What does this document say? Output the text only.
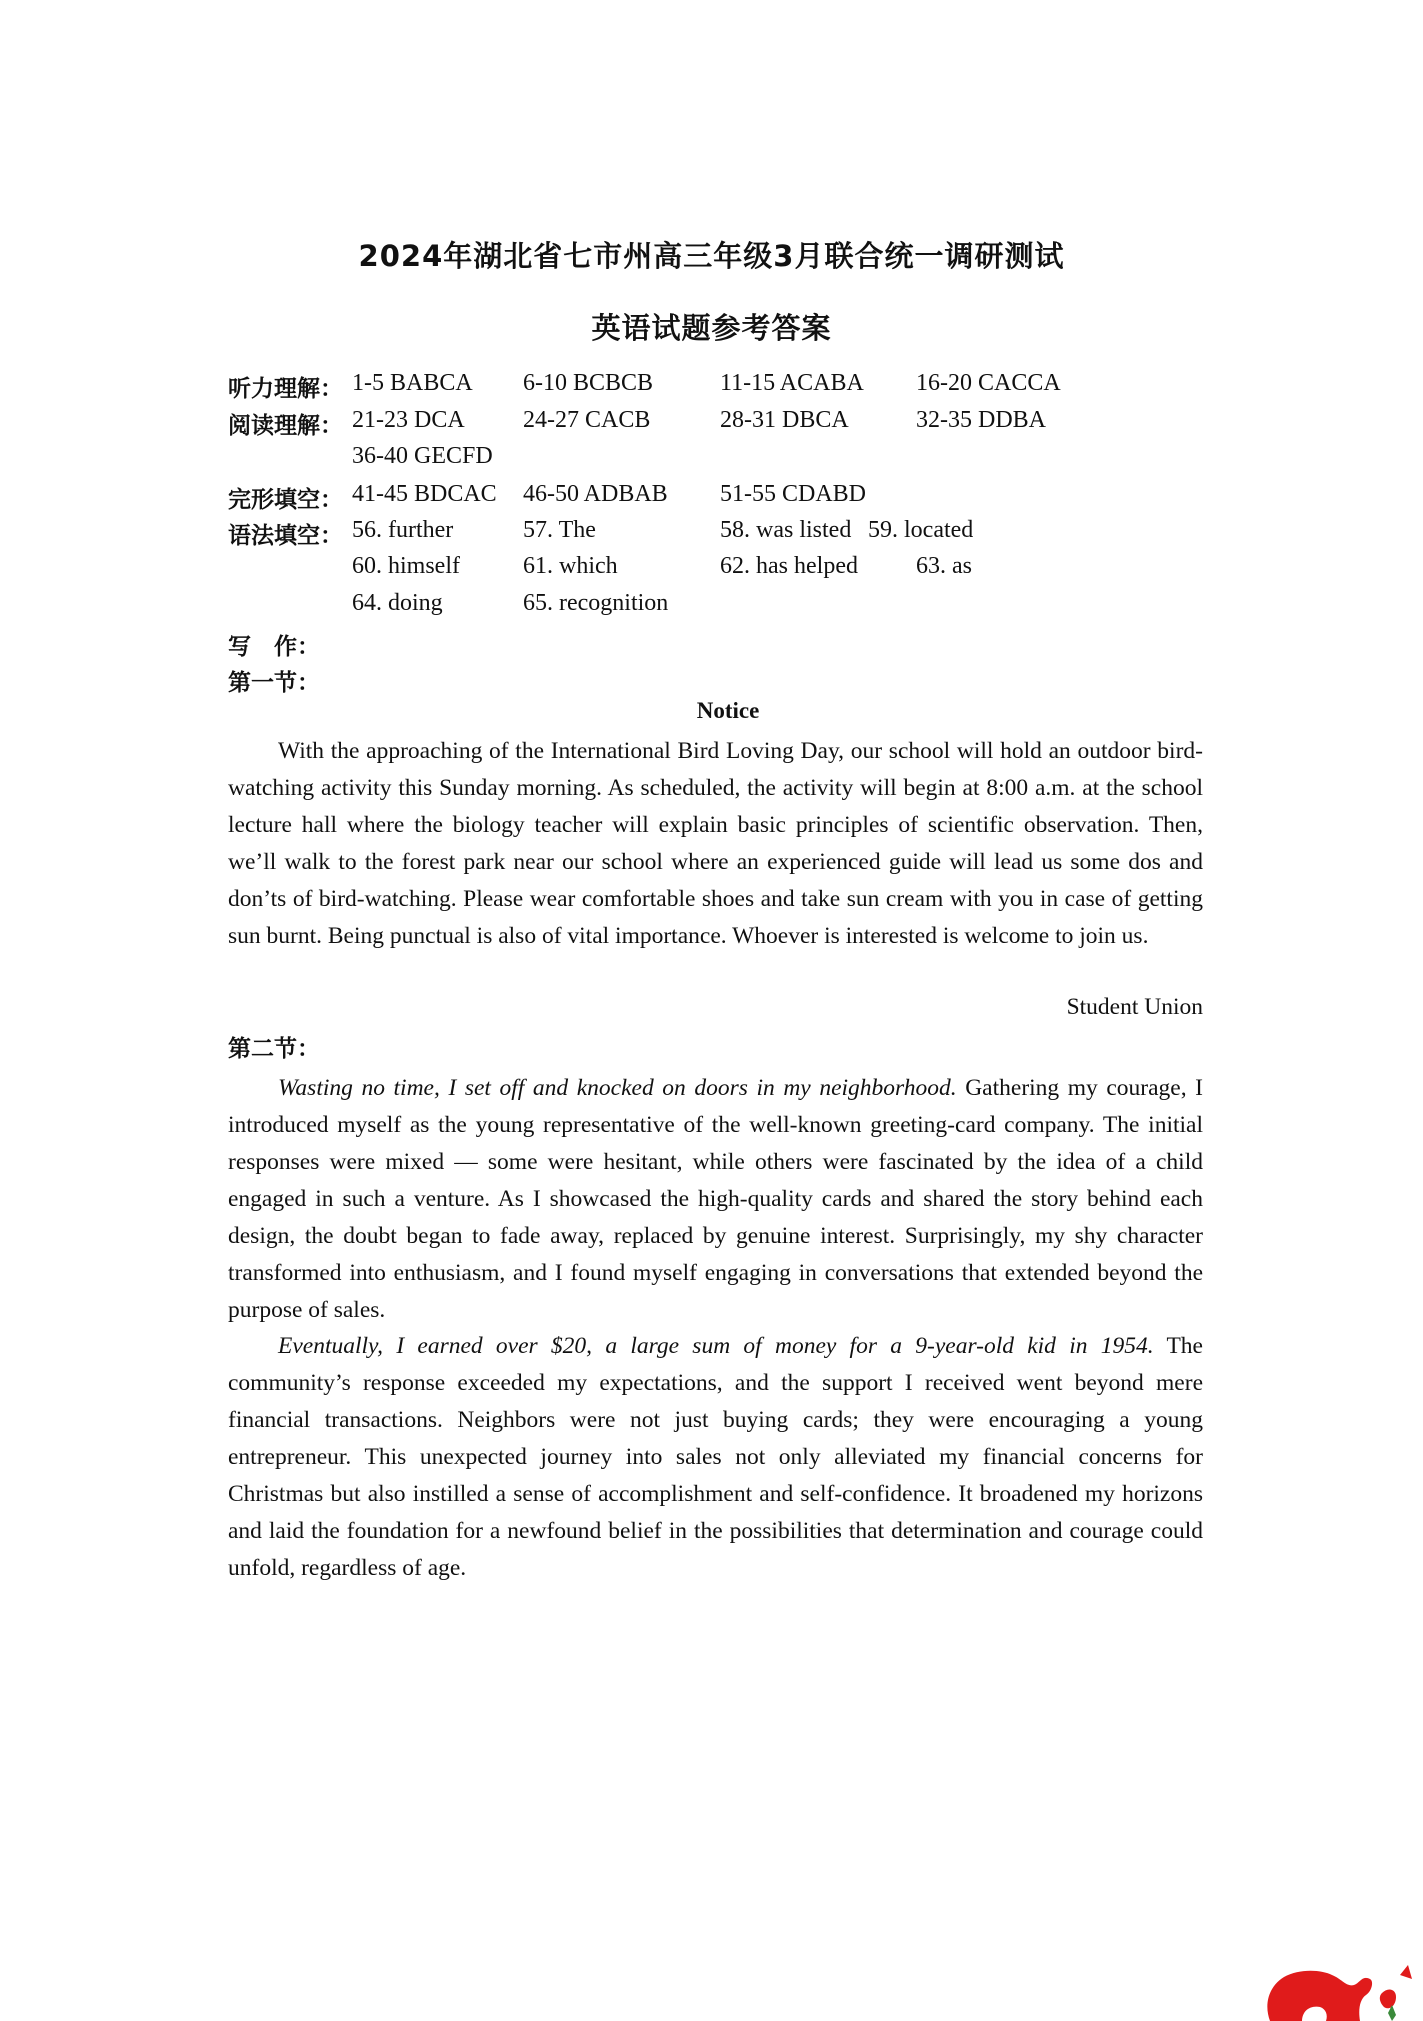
2024年湖北省七市州高三年级3月联合统一调研测试
英语试题参考答案
听力理解： 1-5 BABCA 6-10 BCBCB	11-15 ACABA 16-20 CACCA
阅读理解： 21-23 DCA 24-27 CACB	28-31 DBCA	32-35 DDBA
36-40 GECFD
完形填空： 41-45 BDCAC 46-50 ADBAB 51-55 CDABD
语法填空： 56. further	57. The	58. was listed 59. located
60. himself	61. which	62. has helped 63. as
64. doing	65. recognition
写　作：
第一节：
Notice

With the approaching of the International Bird Loving Day, our school will hold an outdoor bird-watching activity this Sunday morning. As scheduled, the activity will begin at 8:00 a.m. at the school lecture hall where the biology teacher will explain basic principles of scientific observation. Then, we’ll walk to the forest park near our school where an experienced guide will lead us some dos and don’ts of bird-watching. Please wear comfortable shoes and take sun cream with you in case of getting sun burnt. Being punctual is also of vital importance. Whoever is interested is welcome to join us.

Student Union
第二节：

Wasting no time, I set off and knocked on doors in my neighborhood. Gathering my courage, I introduced myself as the young representative of the well-known greeting-card company. The initial responses were mixed — some were hesitant, while others were fascinated by the idea of a child engaged in such a venture. As I showcased the high-quality cards and shared the story behind each design, the doubt began to fade away, replaced by genuine interest. Surprisingly, my shy character transformed into enthusiasm, and I found myself engaging in conversations that extended beyond the purpose of sales.

Eventually, I earned over $20, a large sum of money for a 9-year-old kid in 1954. The community’s response exceeded my expectations, and the support I received went beyond mere financial transactions. Neighbors were not just buying cards; they were encouraging a young entrepreneur. This unexpected journey into sales not only alleviated my financial concerns for Christmas but also instilled a sense of accomplishment and self-confidence. It broadened my horizons and laid the foundation for a newfound belief in the possibilities that determination and courage could unfold, regardless of age.
